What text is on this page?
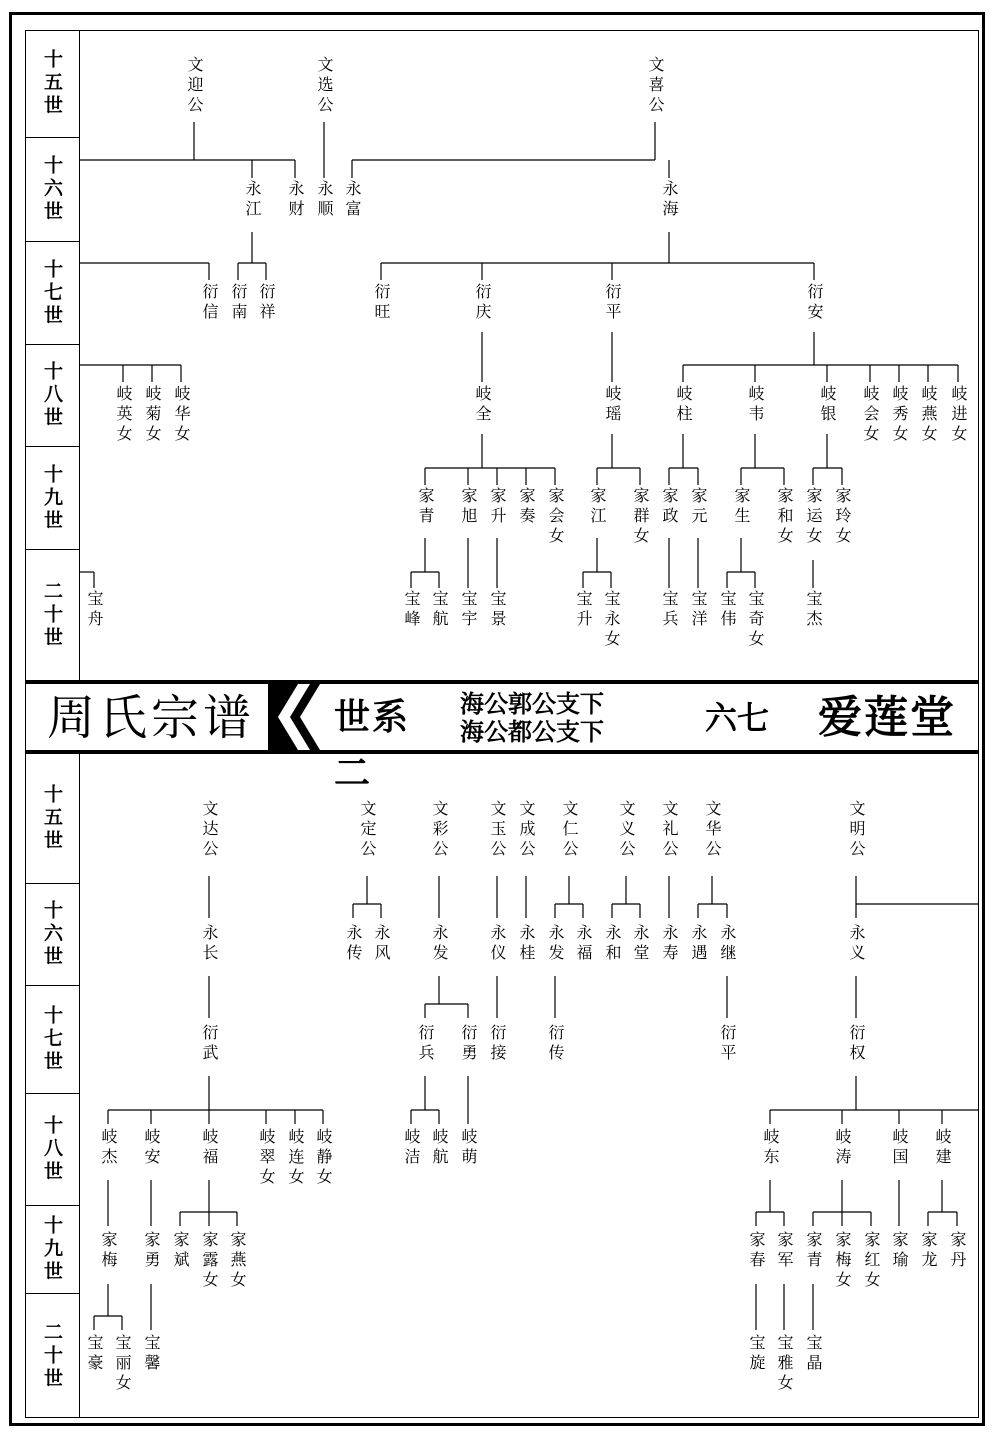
十五世
十六世
十七世
十八世
十九世
二十世
十五世
十六世
十七世
十八世
十九世
二十世
周氏宗谱	世系二
海公郭公支下
海公都公支下	六七 爱莲堂
文迎公	文选公	文喜公
永江 永财 永顺 永富	永海
衍信 衍南 衍祥	衍旺	衍庆	衍平	衍安
岐英女 岐菊女 岐华女	岐全	岐瑶	岐柱	岐韦	岐银 岐会女 岐秀女 岐燕女 岐进女
家青 家旭 家升 家奏 家会女 家江 家群女 家政 家元 家生 家和女 家运女 家玲女
宝舟	宝峰 宝航 宝宇 宝景	宝升 宝永女 宝兵 宝洋 宝伟 宝奇女 宝杰
文达公	文定公	文彩公 文玉公 文成公 文仁公 文义公 文礼公 文华公	文明公
永长	永传 永风 永发 永仪 永桂 永发 永福 永和 永堂 永寿 永遇 永继	永义
衍武	衍兵 衍勇 衍接 衍传	衍平	衍权
岐杰 岐安 岐福 岐翠女 岐连女 岐静女	岐洁 岐航 岐萌	岐东	岐涛 岐国 岐建
家梅 家勇 家斌 家露女 家燕女	家春 家军 家青 家梅女 家红女 家瑜 家龙 家丹
宝豪 宝丽女 宝馨	宝旋 宝雅女 宝晶
